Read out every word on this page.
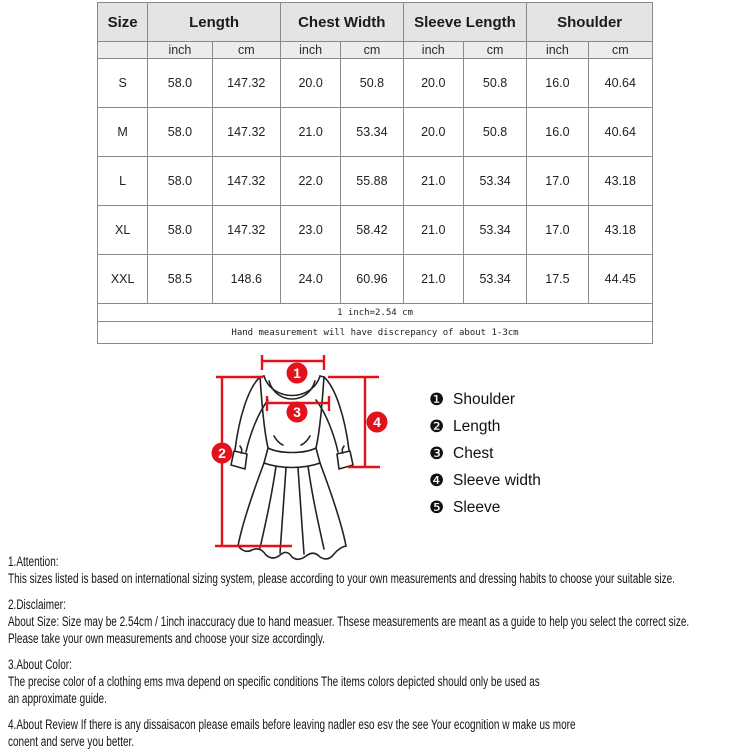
Size	Length		Chest Width		Sleeve Length		Shoulder	
	inch	cm	inch	cm	inch	cm	inch	cm
S	58.0	147.32	20.0	50.8	20.0	50.8	16.0	40.64
M	58.0	147.32	21.0	53.34	20.0	50.8	16.0	40.64
L	58.0	147.32	22.0	55.88	21.0	53.34	17.0	43.18
XL	58.0	147.32	23.0	58.42	21.0	53.34	17.0	43.18
XXL	58.5	148.6	24.0	60.96	21.0	53.34	17.5	44.45
1 inch=2.54 cm								
Hand measurement will have discrepancy of about 1-3cm								
1
2
3
4
❶ Shoulder
❷ Length
❸ Chest
❹ Sleeve width
❺ Sleeve
1.Attention:
This sizes listed is based on international sizing system, please according to your own measurements and dressing habits to choose your suitable size.
2.Disclaimer:
About Size: Size may be 2.54cm / 1inch inaccuracy due to hand measuer. Thsese measurements are meant as a guide to help you select the correct size.
Please take your own measurements and choose your size accordingly.
3.About Color:
The precise color of a clothing ems mva depend on specific conditions The items colors depicted should only be used as
an approximate guide.
4.About Review If there is any dissaisacon please emails before leaving nadler eso esv the see Your ecognition w make us more
conent and serve you better.
